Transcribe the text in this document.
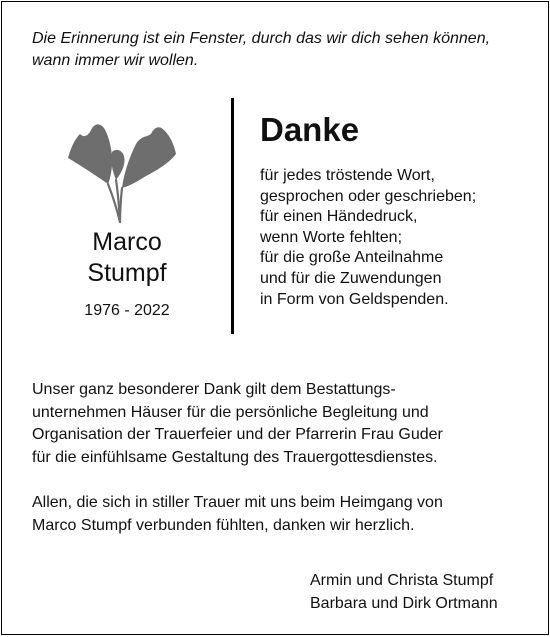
Die Erinnerung ist ein Fenster, durch das wir dich sehen können,
wann immer wir wollen.
Marco
Stumpf
1976 - 2022
Danke
für jedes tröstende Wort,
gesprochen oder geschrieben;
für einen Händedruck,
wenn Worte fehlten;
für die große Anteilnahme
und für die Zuwendungen
in Form von Geldspenden.
Unser ganz besonderer Dank gilt dem Bestattungs-
unternehmen Häuser für die persönliche Begleitung und
Organisation der Trauerfeier und der Pfarrerin Frau Guder
für die einfühlsame Gestaltung des Trauergottesdienstes.
Allen, die sich in stiller Trauer mit uns beim Heimgang von
Marco Stumpf verbunden fühlten, danken wir herzlich.
Armin und Christa Stumpf
Barbara und Dirk Ortmann
